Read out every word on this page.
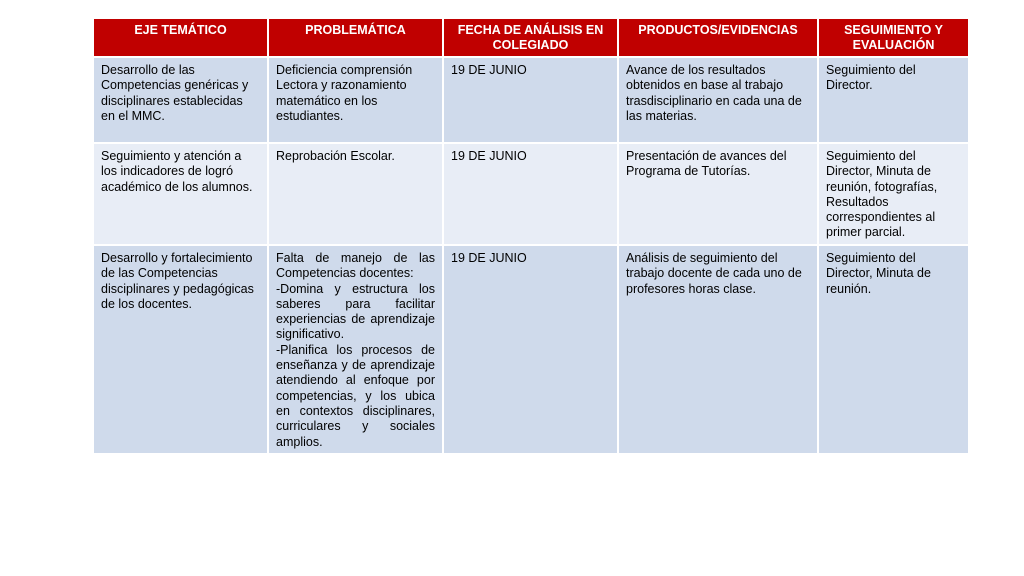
EJE TEMÁTICO	PROBLEMÁTICA	FECHA DE ANÁLISIS EN COLEGIADO	PRODUCTOS/EVIDENCIAS	SEGUIMIENTO Y EVALUACIÓN
Desarrollo de las Competencias genéricas y disciplinares establecidas en el MMC.	Deficiencia comprensión Lectora y razonamiento matemático en los estudiantes.	19 DE JUNIO	Avance de los resultados obtenidos en base al trabajo trasdisciplinario en cada una de las materias.	Seguimiento del Director.
Seguimiento y atención a los indicadores de logró académico de los alumnos.	Reprobación Escolar.	19 DE JUNIO	Presentación de avances del Programa de Tutorías.	Seguimiento del Director, Minuta de reunión, fotografías, Resultados correspondientes al primer parcial.
Desarrollo y fortalecimiento de las Competencias disciplinares y pedagógicas de los docentes.	Falta de manejo de las Competencias docentes:
-Domina y estructura los saberes para facilitar experiencias de aprendizaje significativo.
-Planifica los procesos de enseñanza y de aprendizaje atendiendo al enfoque por competencias, y los ubica en contextos disciplinares, curriculares y sociales amplios.	19 DE JUNIO	Análisis de seguimiento del trabajo docente de cada uno de profesores horas clase.	Seguimiento del Director, Minuta de reunión.
